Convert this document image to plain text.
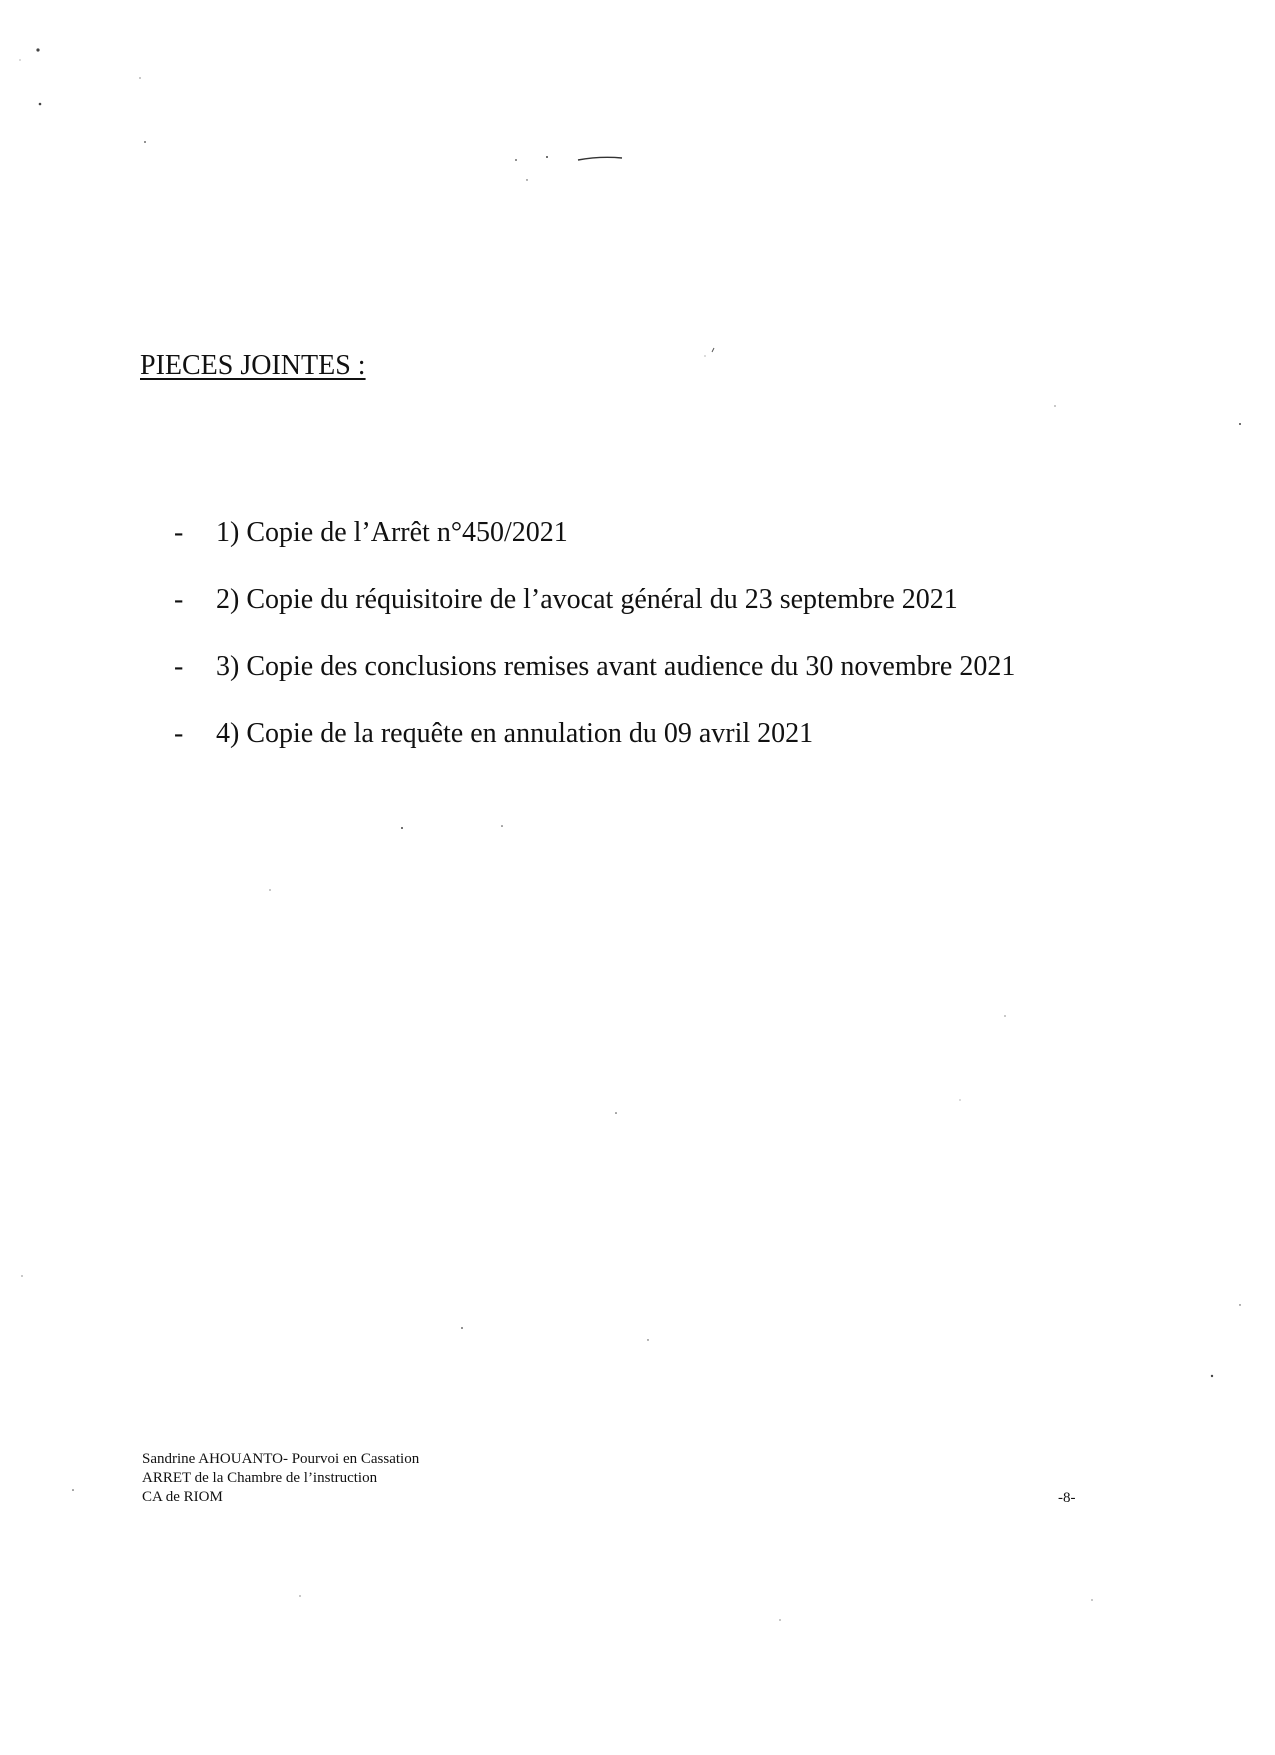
PIECES JOINTES :
-	1) Copie de l’Arrêt n°450/2021
-	2) Copie du réquisitoire de l’avocat général du 23 septembre 2021
-	3) Copie des conclusions remises avant audience du 30 novembre 2021
-	4) Copie de la requête en annulation du 09 avril 2021
Sandrine AHOUANTO- Pourvoi en Cassation
ARRET de la Chambre de l’instruction
CA de RIOM	-8-
